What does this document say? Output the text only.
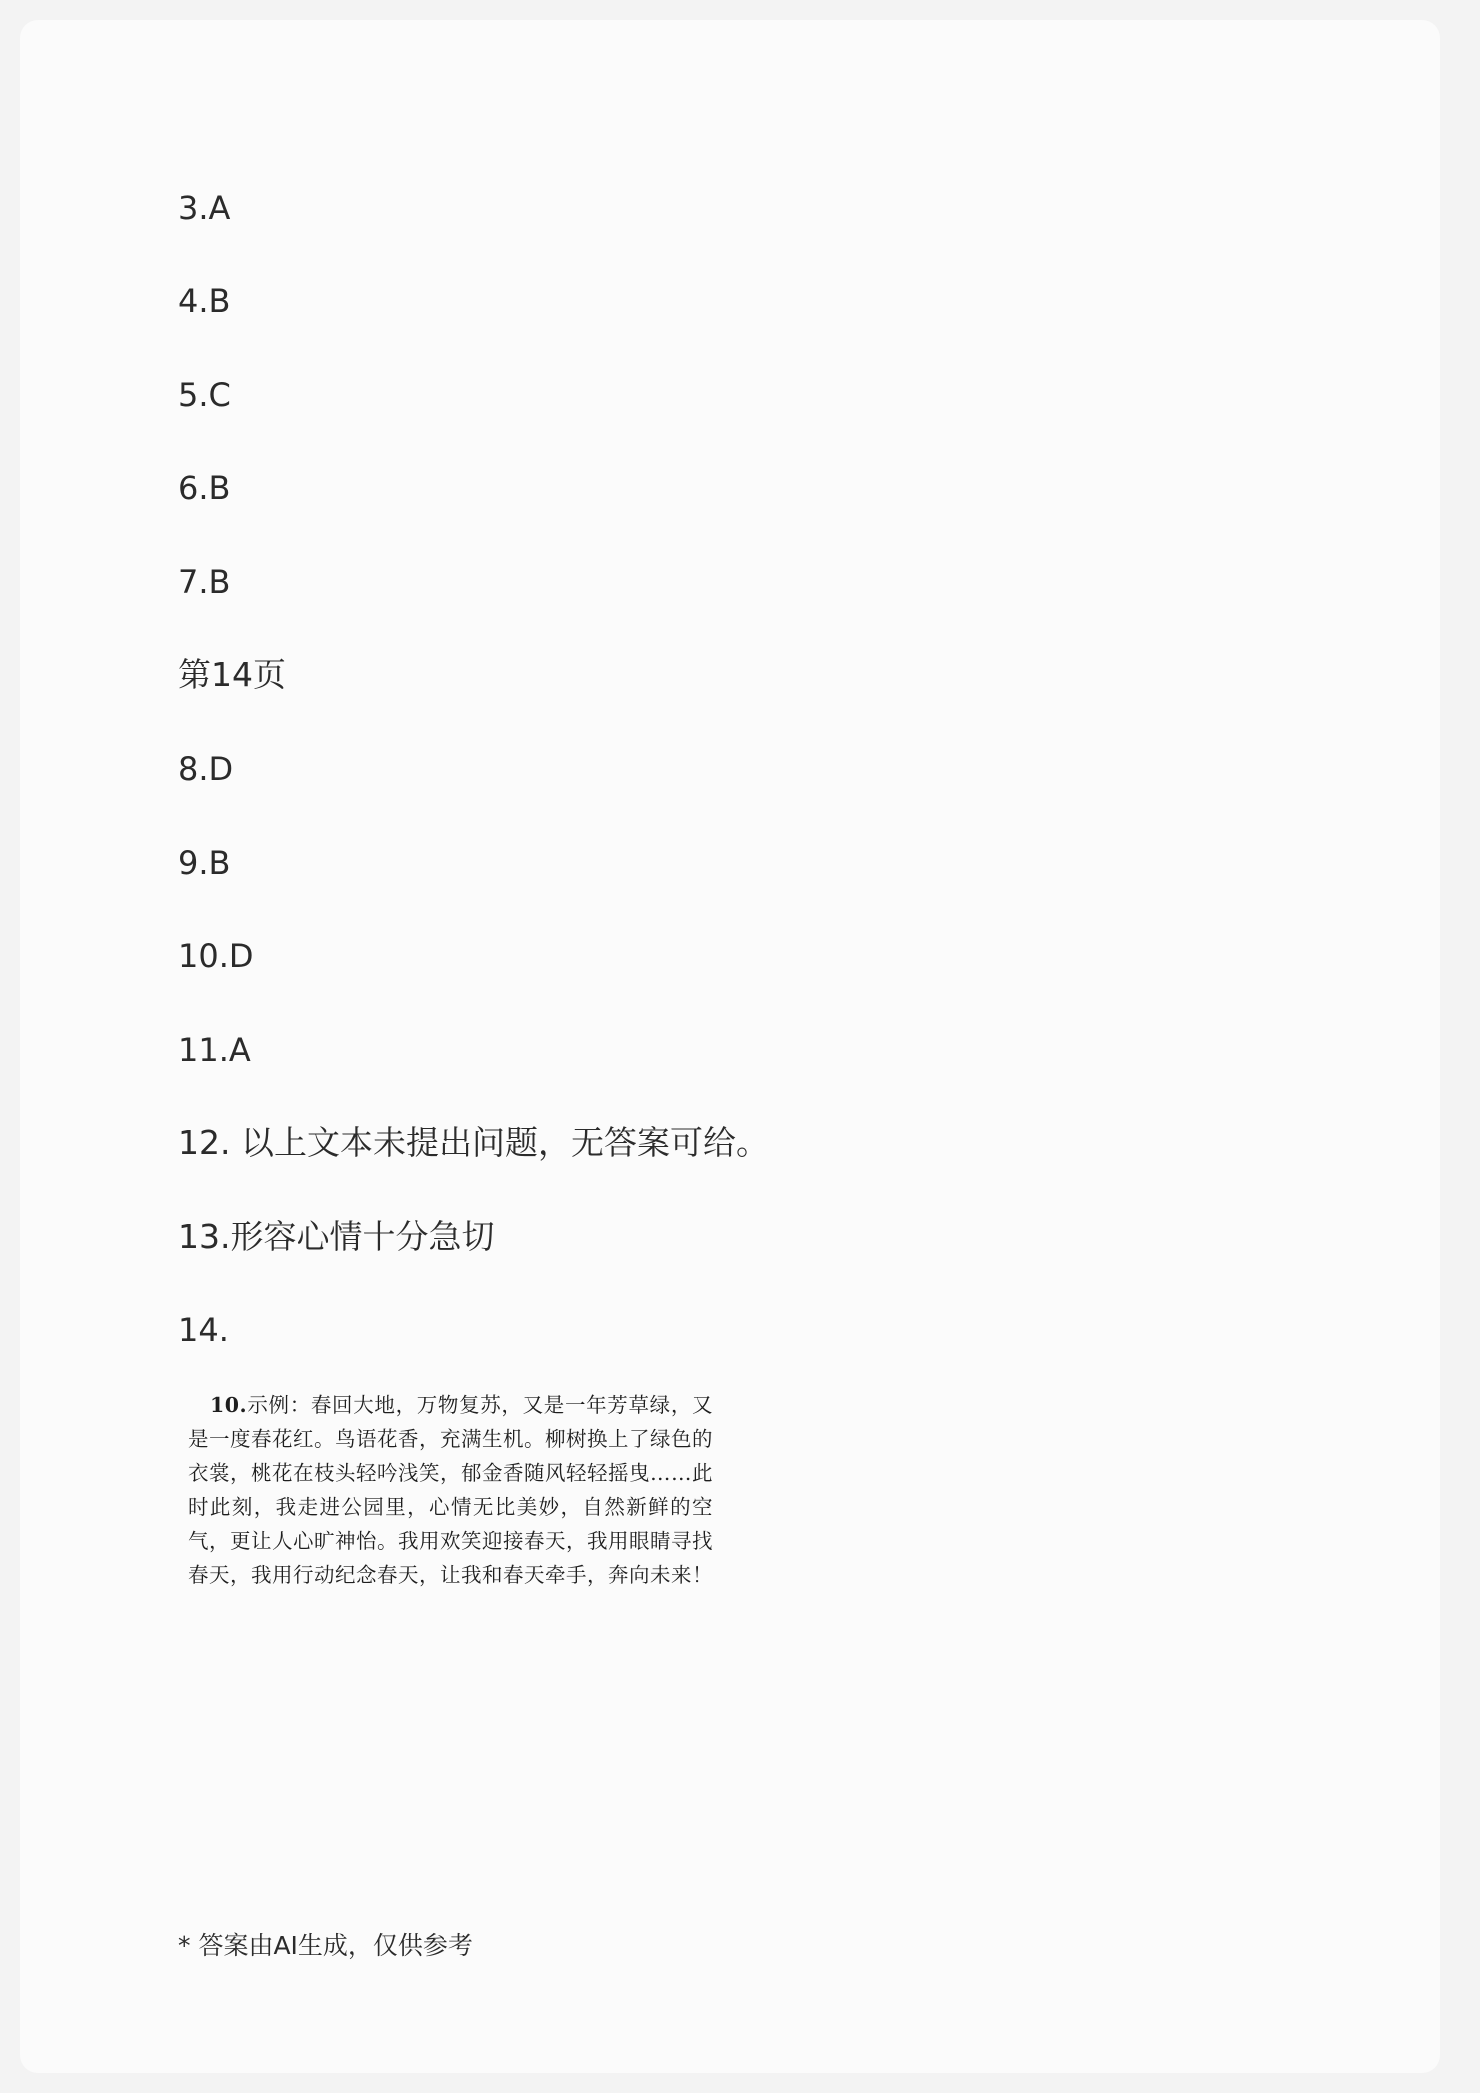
3.A
4.B
5.C
6.B
7.B
第14页
8.D
9.B
10.D
11.A
12. 以上文本未提出问题，无答案可给。
13.形容心情十分急切
14.
10.示例：春回大地，万物复苏，又是一年芳草绿，又是一度春花红。鸟语花香，充满生机。柳树换上了绿色的衣裳，桃花在枝头轻吟浅笑，郁金香随风轻轻摇曳……此时此刻，我走进公园里，心情无比美妙，自然新鲜的空气，更让人心旷神怡。我用欢笑迎接春天，我用眼睛寻找春天，我用行动纪念春天，让我和春天牵手，奔向未来！
* 答案由AI生成，仅供参考
